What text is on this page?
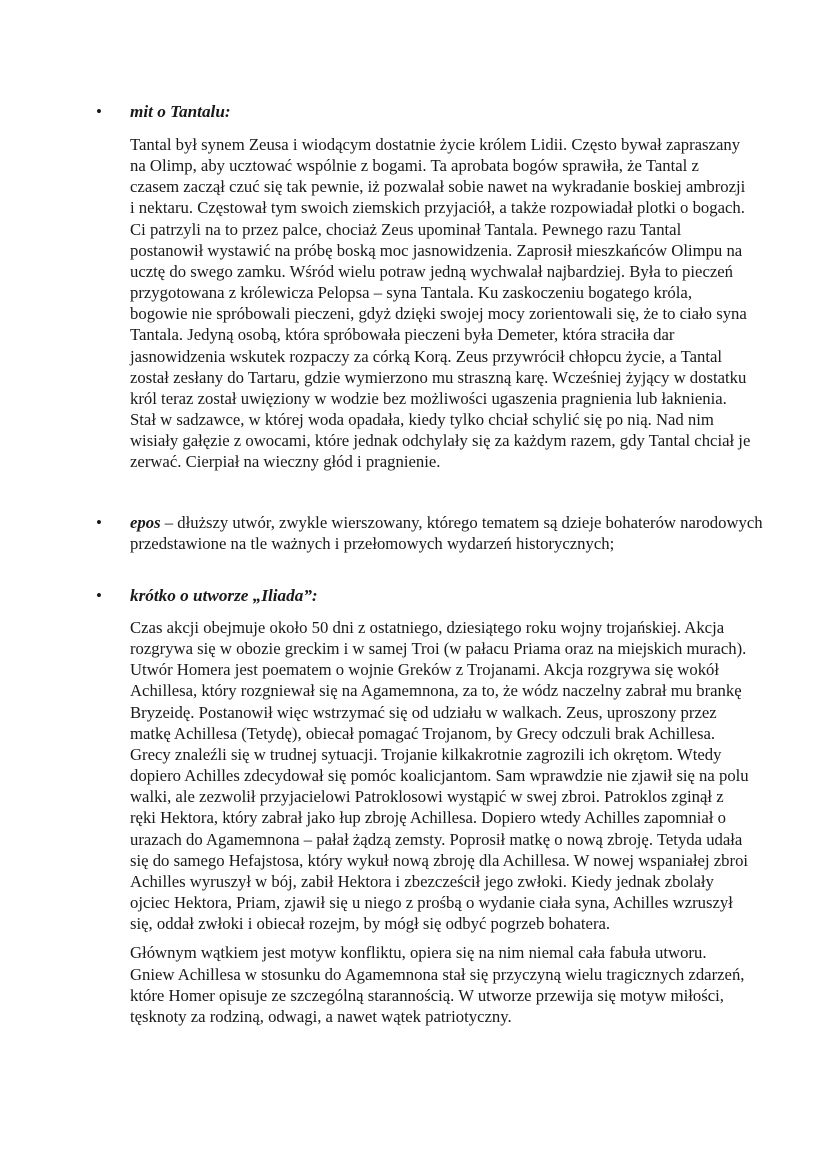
• mit o Tantalu:

Tantal był synem Zeusa i wiodącym dostatnie życie królem Lidii. Często bywał zapraszany na Olimp, aby ucztować wspólnie z bogami. Ta aprobata bogów sprawiła, że Tantal z czasem zaczął czuć się tak pewnie, iż pozwalał sobie nawet na wykradanie boskiej ambrozji i nektaru. Częstował tym swoich ziemskich przyjaciół, a także rozpowiadał plotki o bogach. Ci patrzyli na to przez palce, chociaż Zeus upominał Tantala. Pewnego razu Tantal postanowił wystawić na próbę boską moc jasnowidzenia. Zaprosił mieszkańców Olimpu na ucztę do swego zamku. Wśród wielu potraw jedną wychwalał najbardziej. Była to pieczeń przygotowana z królewicza Pelopsa – syna Tantala. Ku zaskoczeniu bogatego króla, bogowie nie spróbowali pieczeni, gdyż dzięki swojej mocy zorientowali się, że to ciało syna Tantala. Jedyną osobą, która spróbowała pieczeni była Demeter, która straciła dar jasnowidzenia wskutek rozpaczy za córką Korą. Zeus przywrócił chłopcu życie, a Tantal został zesłany do Tartaru, gdzie wymierzono mu straszną karę. Wcześniej żyjący w dostatku król teraz został uwięziony w wodzie bez możliwości ugaszenia pragnienia lub łaknienia. Stał w sadzawce, w której woda opadała, kiedy tylko chciał schylić się po nią. Nad nim wisiały gałęzie z owocami, które jednak odchylały się za każdym razem, gdy Tantal chciał je zerwać. Cierpiał na wieczny głód i pragnienie.

• epos – dłuższy utwór, zwykle wierszowany, którego tematem są dzieje bohaterów narodowych przedstawione na tle ważnych i przełomowych wydarzeń historycznych;

• krótko o utworze „Iliada”:

Czas akcji obejmuje około 50 dni z ostatniego, dziesiątego roku wojny trojańskiej. Akcja rozgrywa się w obozie greckim i w samej Troi (w pałacu Priama oraz na miejskich murach). Utwór Homera jest poematem o wojnie Greków z Trojanami. Akcja rozgrywa się wokół Achillesa, który rozgniewał się na Agamemnona, za to, że wódz naczelny zabrał mu brankę Bryzeidę. Postanowił więc wstrzymać się od udziału w walkach. Zeus, uproszony przez matkę Achillesa (Tetydę), obiecał pomagać Trojanom, by Grecy odczuli brak Achillesa. Grecy znaleźli się w trudnej sytuacji. Trojanie kilkakrotnie zagrozili ich okrętom. Wtedy dopiero Achilles zdecydował się pomóc koalicjantom. Sam wprawdzie nie zjawił się na polu walki, ale zezwolił przyjacielowi Patroklosowi wystąpić w swej zbroi. Patroklos zginął z ręki Hektora, który zabrał jako łup zbroję Achillesa. Dopiero wtedy Achilles zapomniał o urazach do Agamemnona – pałał żądzą zemsty. Poprosił matkę o nową zbroję. Tetyda udała się do samego Hefajstosa, który wykuł nową zbroję dla Achillesa. W nowej wspaniałej zbroi Achilles wyruszył w bój, zabił Hektora i zbezcześcił jego zwłoki. Kiedy jednak zbolały ojciec Hektora, Priam, zjawił się u niego z prośbą o wydanie ciała syna, Achilles wzruszył się, oddał zwłoki i obiecał rozejm, by mógł się odbyć pogrzeb bohatera.

Głównym wątkiem jest motyw konfliktu, opiera się na nim niemal cała fabuła utworu. Gniew Achillesa w stosunku do Agamemnona stał się przyczyną wielu tragicznych zdarzeń, które Homer opisuje ze szczególną starannością. W utworze przewija się motyw miłości, tęsknoty za rodziną, odwagi, a nawet wątek patriotyczny.
